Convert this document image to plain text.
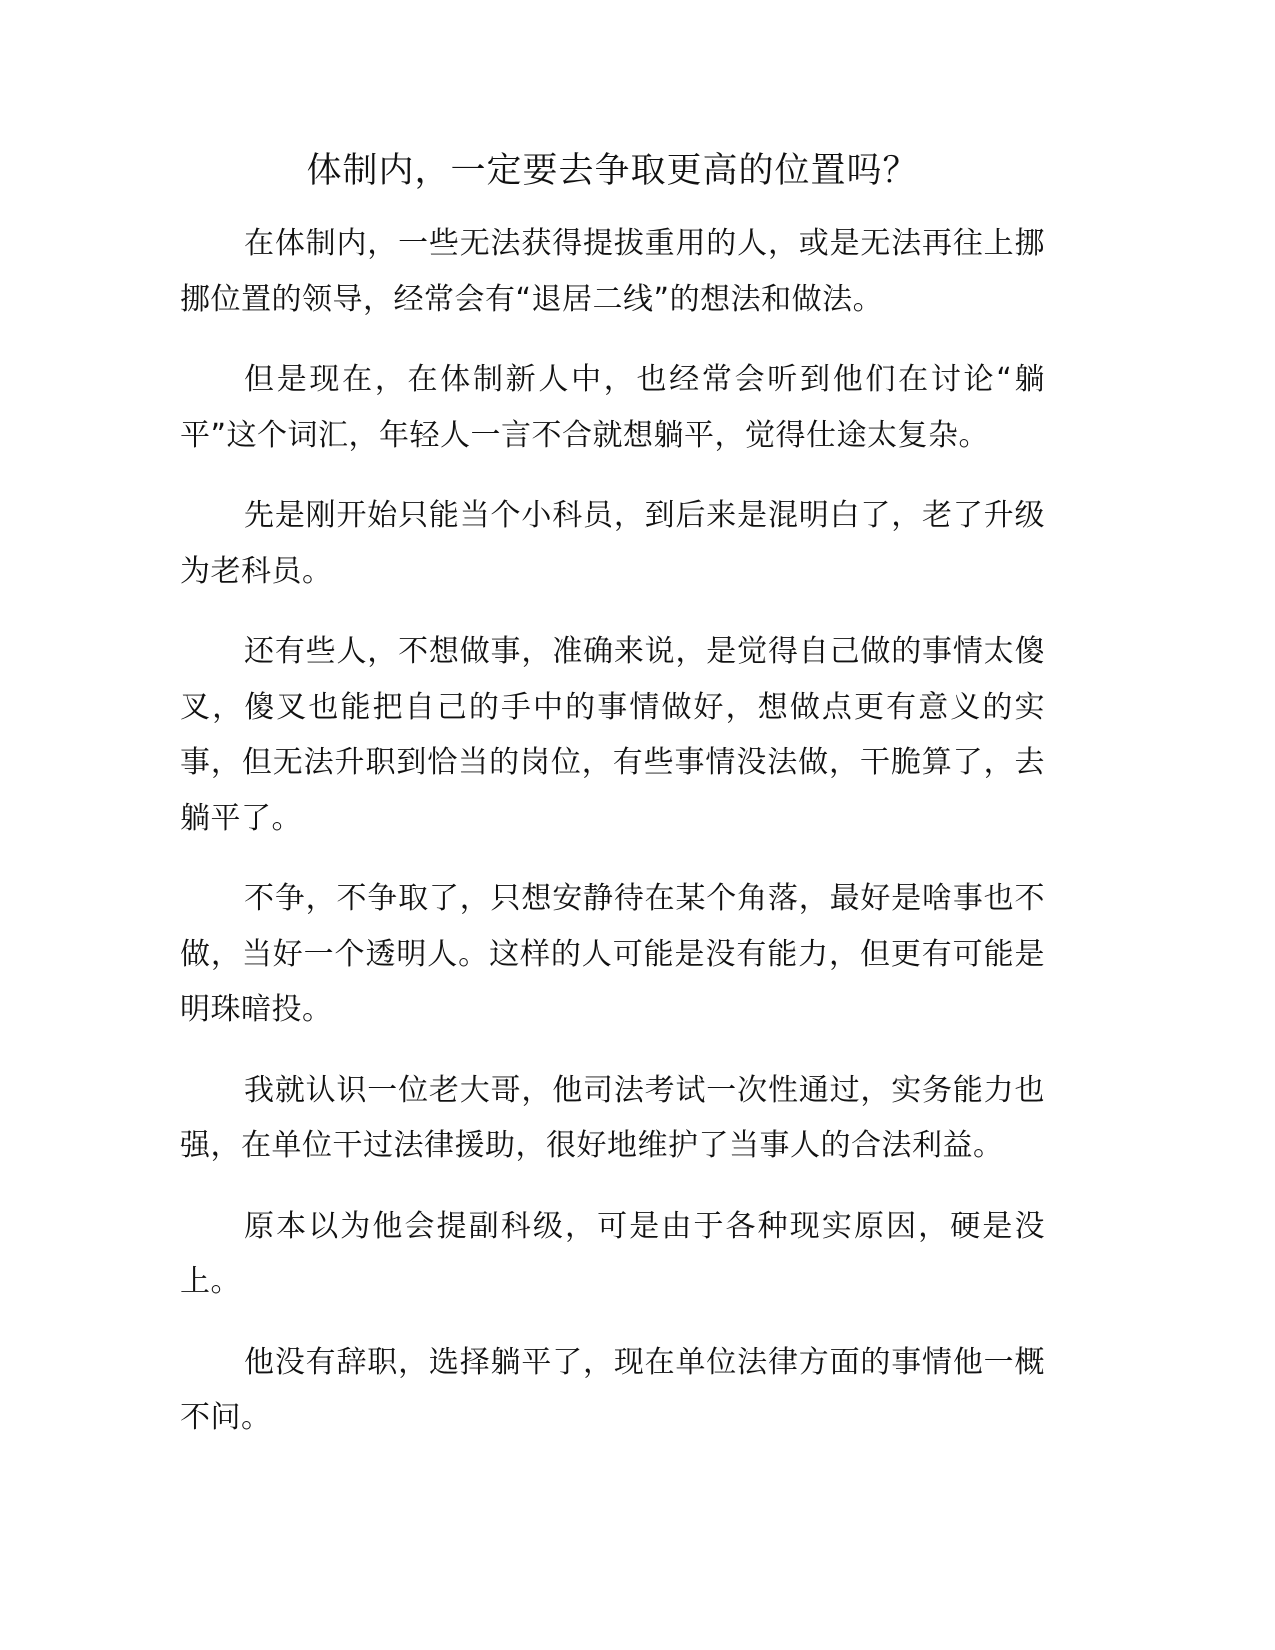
体制内，一定要去争取更高的位置吗？

在体制内，一些无法获得提拔重用的人，或是无法再往上挪挪位置的领导，经常会有“退居二线”的想法和做法。

但是现在，在体制新人中，也经常会听到他们在讨论“躺平”这个词汇，年轻人一言不合就想躺平，觉得仕途太复杂。

先是刚开始只能当个小科员，到后来是混明白了，老了升级为老科员。

还有些人，不想做事，准确来说，是觉得自己做的事情太傻叉，傻叉也能把自己的手中的事情做好，想做点更有意义的实事，但无法升职到恰当的岗位，有些事情没法做，干脆算了，去躺平了。

不争，不争取了，只想安静待在某个角落，最好是啥事也不做，当好一个透明人。这样的人可能是没有能力，但更有可能是明珠暗投。

我就认识一位老大哥，他司法考试一次性通过，实务能力也强，在单位干过法律援助，很好地维护了当事人的合法利益。

原本以为他会提副科级，可是由于各种现实原因，硬是没上。

他没有辞职，选择躺平了，现在单位法律方面的事情他一概不问。
